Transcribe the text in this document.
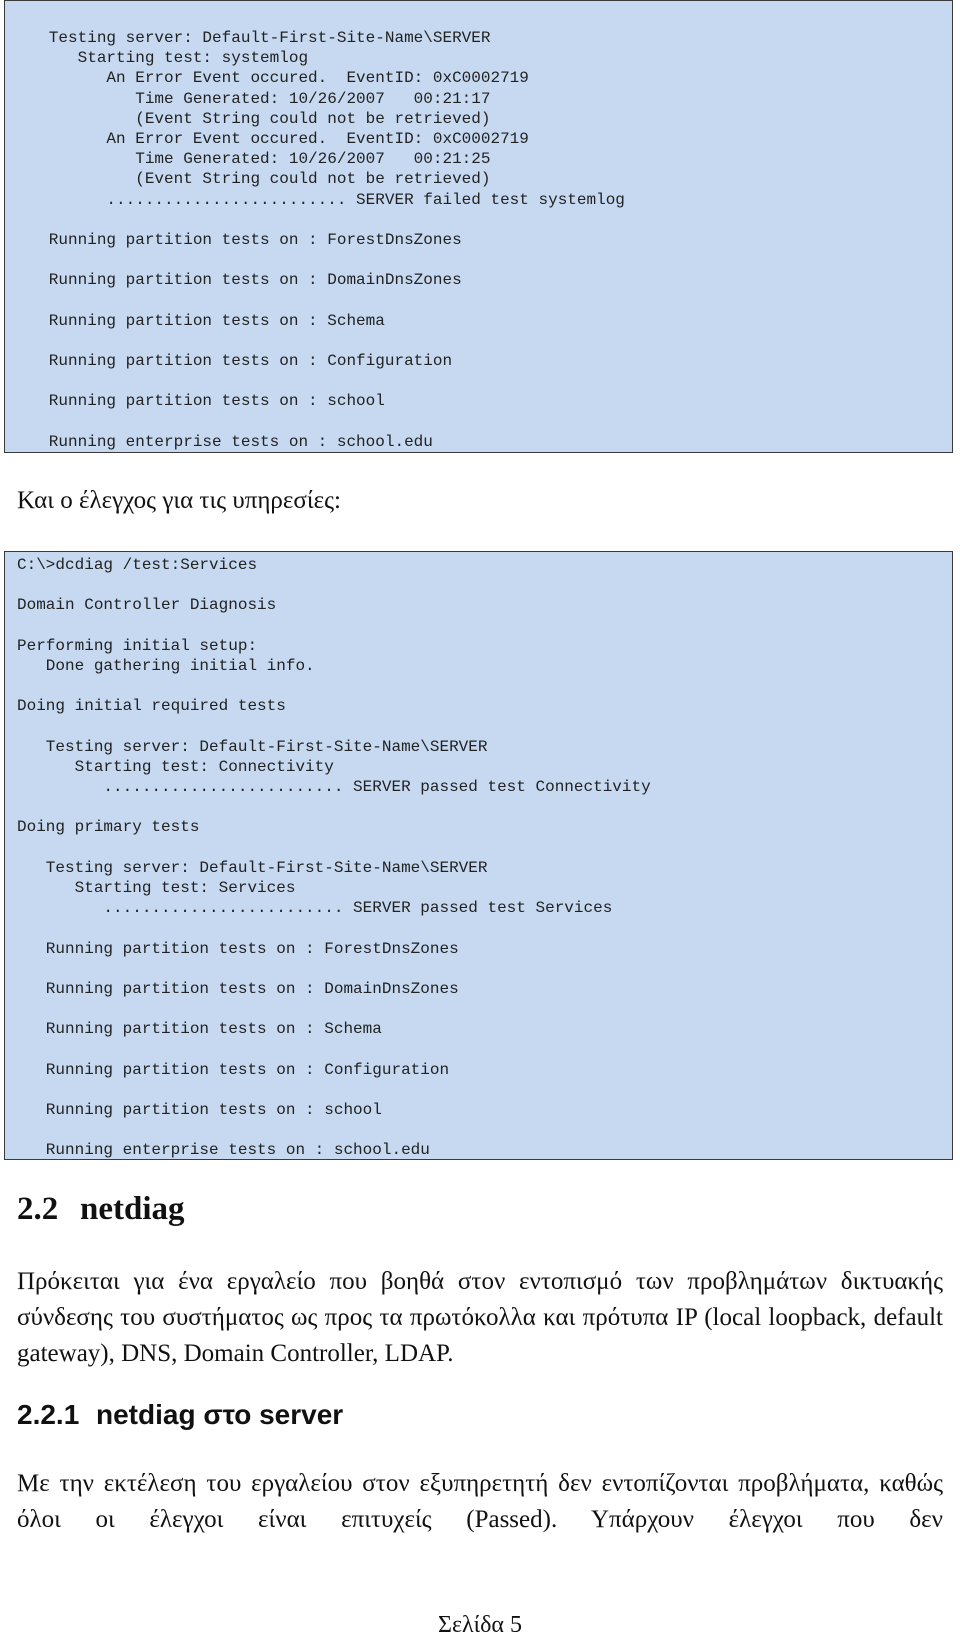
Testing server: Default-First-Site-Name\SERVER
Starting test: systemlog
An Error Event occured.  EventID: 0xC0002719
Time Generated: 10/26/2007   00:21:17
(Event String could not be retrieved)
An Error Event occured.  EventID: 0xC0002719
Time Generated: 10/26/2007   00:21:25
(Event String could not be retrieved)
......................... SERVER failed test systemlog
Running partition tests on : ForestDnsZones
Running partition tests on : DomainDnsZones
Running partition tests on : Schema
Running partition tests on : Configuration
Running partition tests on : school
Running enterprise tests on : school.edu

Και ο έλεγχος για τις υπηρεσίες:

C:\>dcdiag /test:Services
Domain Controller Diagnosis
Performing initial setup:
Done gathering initial info.
Doing initial required tests
Testing server: Default-First-Site-Name\SERVER
Starting test: Connectivity
......................... SERVER passed test Connectivity
Doing primary tests
Testing server: Default-First-Site-Name\SERVER
Starting test: Services
......................... SERVER passed test Services
Running partition tests on : ForestDnsZones
Running partition tests on : DomainDnsZones
Running partition tests on : Schema
Running partition tests on : Configuration
Running partition tests on : school
Running enterprise tests on : school.edu
2.2 netdiag

Πρόκειται για ένα εργαλείο που βοηθά στον εντοπισμό των προβλημάτων δικτυακής σύνδεσης του συστήματος ως προς τα πρωτόκολλα και πρότυπα IP (local loopback, default gateway), DNS, Domain Controller, LDAP.

2.2.1 netdiag στο server

Με την εκτέλεση του εργαλείου στον εξυπηρετητή δεν εντοπίζονται προβλήματα, καθώς όλοι οι έλεγχοι είναι επιτυχείς (Passed). Υπάρχουν έλεγχοι που δεν

Σελίδα 5
